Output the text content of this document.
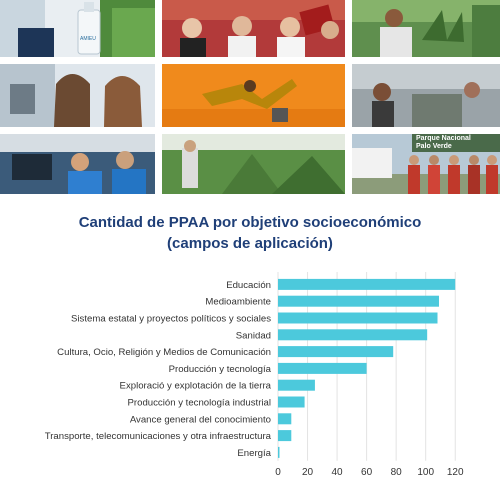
AMIEU
Parque Nacional
Palo Verde
Cantidad de PPAA por objetivo socioeconómico
(campos de aplicación)
Educación
Medioambiente
Sistema estatal y proyectos políticos y sociales
Sanidad
Cultura, Ocio, Religión y Medios de Comunicación
Producción y tecnología
Exploració y explotación de la tierra
Producción y tecnología industrial
Avance general del conocimiento
Transporte, telecomunicaciones y otra infraestructura
Energía
0 20 40 60 80 100 120
